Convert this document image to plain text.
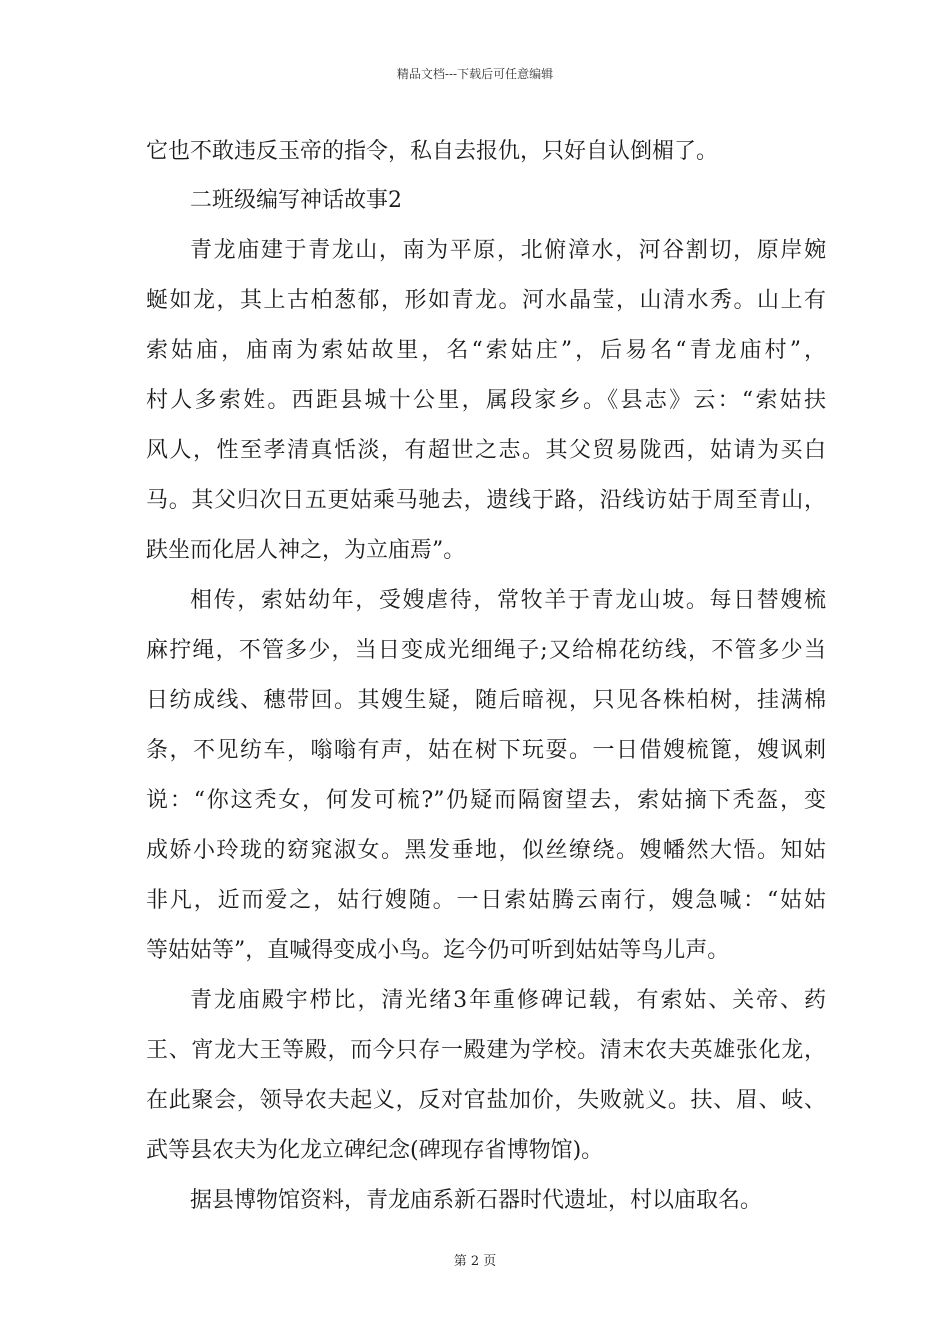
精品文档---下载后可任意编辑
它也不敢违反玉帝的指令，私自去报仇，只好自认倒楣了。
二班级编写神话故事2
青龙庙建于青龙山，南为平原，北俯漳水，河谷割切，原岸婉
蜒如龙，其上古柏葱郁，形如青龙。河水晶莹，山清水秀。山上有
索姑庙，庙南为索姑故里，名“索姑庄”，后易名“青龙庙村”，
村人多索姓。西距县城十公里，属段家乡。《县志》云：“索姑扶
风人，性至孝清真恬淡，有超世之志。其父贸易陇西，姑请为买白
马。其父归次日五更姑乘马驰去，遗线于路，沿线访姑于周至青山，
趺坐而化居人神之，为立庙焉”。
相传，索姑幼年，受嫂虐待，常牧羊于青龙山坡。每日替嫂梳
麻拧绳，不管多少，当日变成光细绳子;又给棉花纺线，不管多少当
日纺成线、穗带回。其嫂生疑，随后暗视，只见各株柏树，挂满棉
条，不见纺车，嗡嗡有声，姑在树下玩耍。一日借嫂梳篦，嫂讽刺
说：“你这秃女，何发可梳?”仍疑而隔窗望去，索姑摘下秃盔，变
成娇小玲珑的窈窕淑女。黑发垂地，似丝缭绕。嫂幡然大悟。知姑
非凡，近而爱之，姑行嫂随。一日索姑腾云南行，嫂急喊：“姑姑
等姑姑等”，直喊得变成小鸟。迄今仍可听到姑姑等鸟儿声。
青龙庙殿宇栉比，清光绪3年重修碑记载，有索姑、关帝、药
王、宵龙大王等殿，而今只存一殿建为学校。清末农夫英雄张化龙，
在此聚会，领导农夫起义，反对官盐加价，失败就义。扶、眉、岐、
武等县农夫为化龙立碑纪念(碑现存省博物馆)。
据县博物馆资料，青龙庙系新石器时代遗址，村以庙取名。
第 2 页
